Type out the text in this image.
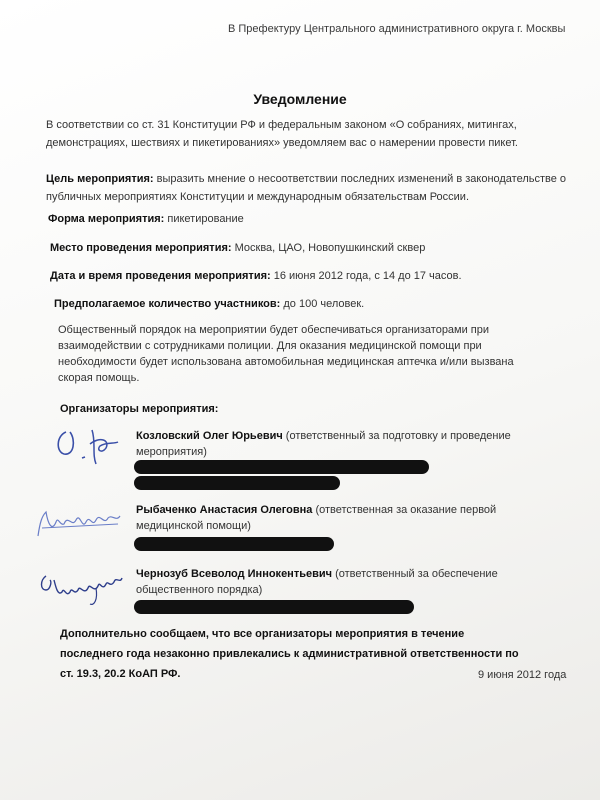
В Префектуру Центрального административного округа г. Москвы
Уведомление
В соответствии со ст. 31 Конституции РФ и федеральным законом «О собраниях, митингах, демонстрациях, шествиях и пикетированиях» уведомляем вас о намерении провести пикет.
Цель мероприятия: выразить мнение о несоответствии последних изменений в законодательстве о публичных мероприятиях Конституции и международным обязательствам России.
Форма мероприятия: пикетирование
Место проведения мероприятия: Москва, ЦАО, Новопушкинский сквер
Дата и время проведения мероприятия: 16 июня 2012 года, с 14 до 17 часов.
Предполагаемое количество участников: до 100 человек.
Общественный порядок на мероприятии будет обеспечиваться организаторами при взаимодействии с сотрудниками полиции. Для оказания медицинской помощи при необходимости будет использована автомобильная медицинская аптечка и/или вызвана скорая помощь.
Организаторы мероприятия:
Козловский Олег Юрьевич (ответственный за подготовку и проведение мероприятия)
Рыбаченко Анастасия Олеговна (ответственная за оказание первой медицинской помощи)
Чернозуб Всеволод Иннокентьевич (ответственный за обеспечение общественного порядка)
Дополнительно сообщаем, что все организаторы мероприятия в течение последнего года незаконно привлекались к административной ответственности по ст. 19.3, 20.2 КоАП РФ.	9 июня 2012 года
